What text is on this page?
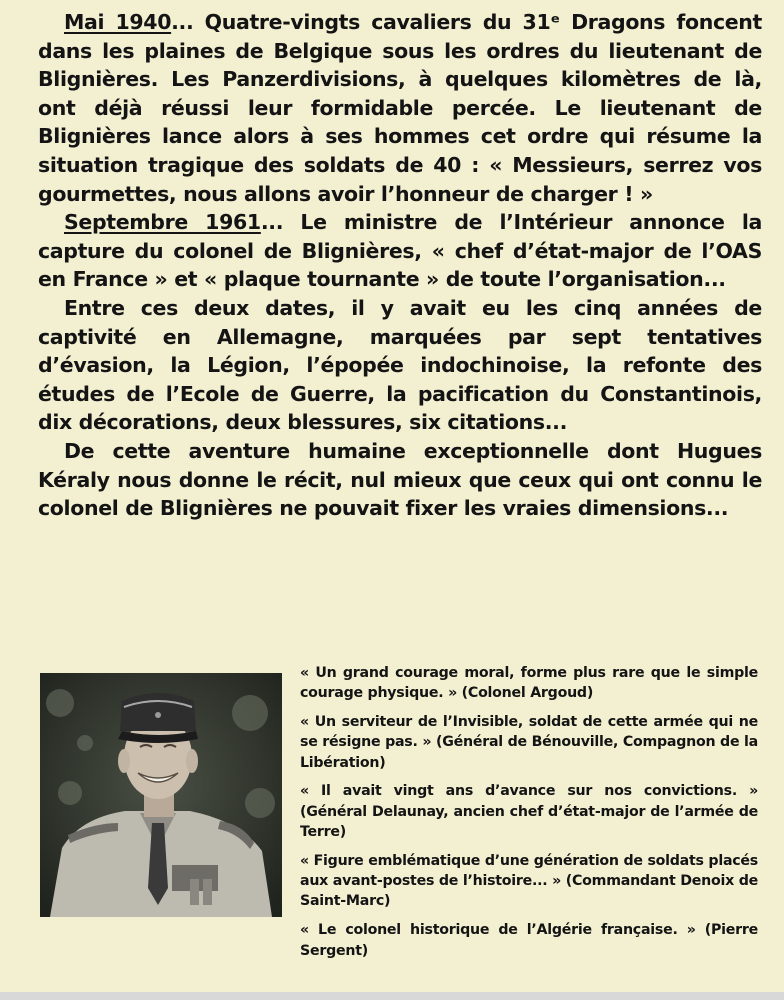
Mai 1940... Quatre-vingts cavaliers du 31ᵉ Dragons foncent dans les plaines de Belgique sous les ordres du lieutenant de Blignières. Les Panzerdivisions, à quelques kilomètres de là, ont déjà réussi leur formidable percée. Le lieutenant de Blignières lance alors à ses hommes cet ordre qui résume la situation tragique des soldats de 40 : « Messieurs, serrez vos gourmettes, nous allons avoir l’honneur de charger ! »

Septembre 1961... Le ministre de l’Intérieur annonce la capture du colonel de Blignières, « chef d’état-major de l’OAS en France » et « plaque tournante » de toute l’organisation...

Entre ces deux dates, il y avait eu les cinq années de captivité en Allemagne, marquées par sept tentatives d’évasion, la Légion, l’épopée indochinoise, la refonte des études de l’Ecole de Guerre, la pacification du Constantinois, dix décorations, deux blessures, six citations...

De cette aventure humaine exceptionnelle dont Hugues Kéraly nous donne le récit, nul mieux que ceux qui ont connu le colonel de Blignières ne pouvait fixer les vraies dimensions...

« Un grand courage moral, forme plus rare que le simple courage physique. » (Colonel Argoud)

« Un serviteur de l’Invisible, soldat de cette armée qui ne se résigne pas. » (Général de Bénouville, Compagnon de la Libération)

« Il avait vingt ans d’avance sur nos convictions. » (Général Delaunay, ancien chef d’état-major de l’armée de Terre)

« Figure emblématique d’une génération de soldats placés aux avant-postes de l’histoire... » (Commandant Denoix de Saint-Marc)

« Le colonel historique de l’Algérie française. » (Pierre Sergent)
